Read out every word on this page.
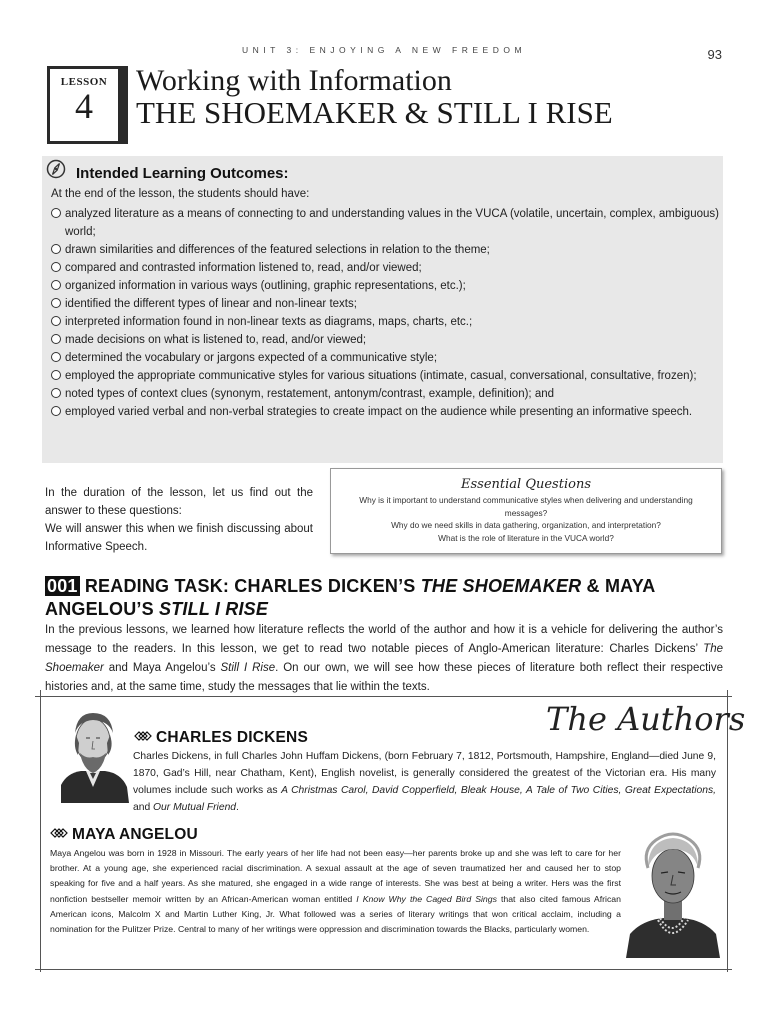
UNIT 3: ENJOYING A NEW FREEDOM	93
LESSON
4
Working with Information
THE SHOEMAKER & STILL I RISE
Intended Learning Outcomes:
At the end of the lesson, the students should have:
analyzed literature as a means of connecting to and understanding values in the VUCA (volatile, uncertain, complex, ambiguous) world;
drawn similarities and differences of the featured selections in relation to the theme;
compared and contrasted information listened to, read, and/or viewed;
organized information in various ways (outlining, graphic representations, etc.);
identified the different types of linear and non-linear texts;
interpreted information found in non-linear texts as diagrams, maps, charts, etc.;
made decisions on what is listened to, read, and/or viewed;
determined the vocabulary or jargons expected of a communicative style;
employed the appropriate communicative styles for various situations (intimate, casual, conversational, consultative, frozen);
noted types of context clues (synonym, restatement, antonym/contrast, example, definition); and
employed varied verbal and non-verbal strategies to create impact on the audience while presenting an informative speech.
In the duration of the lesson, let us find out the answer to these questions:
We will answer this when we finish discussing about Informative Speech.
Essential Questions
Why is it important to understand communicative styles when delivering and understanding messages?
Why do we need skills in data gathering, organization, and interpretation?
What is the role of literature in the VUCA world?
001 READING TASK: CHARLES DICKEN’S THE SHOEMAKER & MAYA ANGELOU’S STILL I RISE
In the previous lessons, we learned how literature reflects the world of the author and how it is a vehicle for delivering the author’s message to the readers. In this lesson, we get to read two notable pieces of Anglo-American literature: Charles Dickens’ The Shoemaker and Maya Angelou’s Still I Rise. On our own, we will see how these pieces of literature both reflect their respective histories and, at the same time, study the messages that lie within the texts.
The Authors
CHARLES DICKENS
Charles Dickens, in full Charles John Huffam Dickens, (born February 7, 1812, Portsmouth, Hampshire, England—died June 9, 1870, Gad’s Hill, near Chatham, Kent), English novelist, is generally considered the greatest of the Victorian era. His many volumes include such works as A Christmas Carol, David Copperfield, Bleak House, A Tale of Two Cities, Great Expectations, and Our Mutual Friend.
MAYA ANGELOU
Maya Angelou was born in 1928 in Missouri. The early years of her life had not been easy—her parents broke up and she was left to care for her brother. At a young age, she experienced racial discrimination. A sexual assault at the age of seven traumatized her and caused her to stop speaking for five and a half years. As she matured, she engaged in a wide range of interests. She was best at being a writer. Hers was the first nonfiction bestseller memoir written by an African-American woman entitled I Know Why the Caged Bird Sings that also cited famous African American icons, Malcolm X and Martin Luther King, Jr. What followed was a series of literary writings that won critical acclaim, including a nomination for the Pulitzer Prize. Central to many of her writings were oppression and discrimination towards the Blacks, particularly women.
